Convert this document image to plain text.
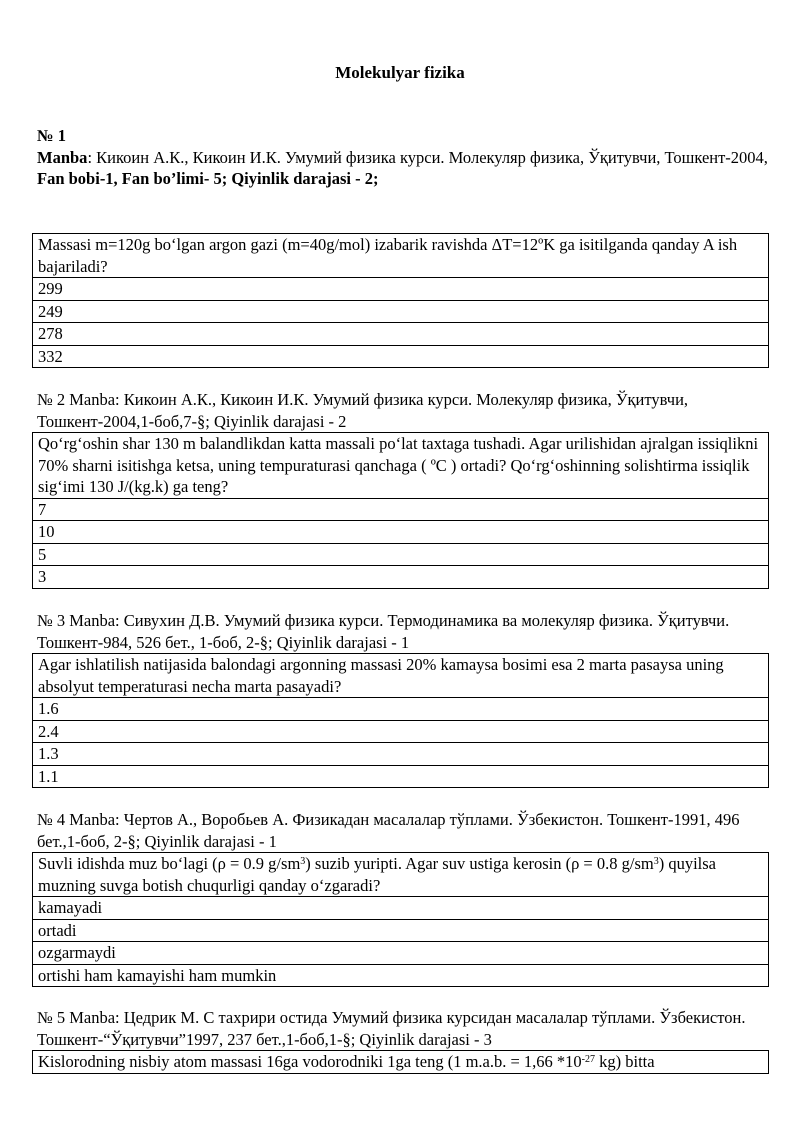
Molekulyar fizika
№ 1
Manba: Кикоин А.К., Кикоин И.К. Умумий физика курси. Молекуляр физика, Ўқитувчи, Тошкент-2004,
Fan bobi-1, Fan bo’limi- 5; Qiyinlik darajasi - 2;
Massasi m=120g bo‘lgan argon gazi (m=40g/mol) izabarik ravishda ΔT=12ºK ga isitilganda qanday A ish bajariladi?
299
249
278
332
№ 2 Manba: Кикоин А.К., Кикоин И.К. Умумий физика курси. Молекуляр физика, Ўқитувчи, Тошкент-2004,1-боб,7-§; Qiyinlik darajasi - 2
Qo‘rg‘oshin shar 130 m balandlikdan katta massali po‘lat taxtaga tushadi. Agar urilishidan ajralgan issiqlikni 70% sharni isitishga ketsa, uning tempuraturasi qanchaga ( ºC ) ortadi? Qo‘rg‘oshinning solishtirma issiqlik sig‘imi 130 J/(kg.k) ga teng?
7
10
5
3
№ 3 Manba: Сивухин Д.В. Умумий физика курси. Термодинамика ва молекуляр физика. Ўқитувчи. Тошкент-984, 526 бет., 1-боб, 2-§; Qiyinlik darajasi - 1
Agar ishlatilish natijasida balondagi argonning massasi 20% kamaysa bosimi esa 2 marta pasaysa uning absolyut temperaturasi necha marta pasayadi?
1.6
2.4
1.3
1.1
№ 4 Manba: Чертов А., Воробьев А. Физикадан масалалар тўплами. Ўзбекистон. Тошкент-1991, 496 бет.,1-боб, 2-§; Qiyinlik darajasi - 1
Suvli idishda muz bo‘lagi (ρ = 0.9 $g/sm^3$) suzib yuripti. Agar suv ustiga kerosin (ρ = 0.8 $g/sm^3$) quyilsa muzning suvga botish chuqurligi qanday o‘zgaradi?
kamayadi
ortadi
ozgarmaydi
ortishi ham kamayishi ham mumkin
№ 5 Manba: Цедрик М. С тахрири остида Умумий физика курсидан масалалар тўплами. Ўзбекистон. Тошкент-“Ўқитувчи”1997, 237 бет.,1-боб,1-§; Qiyinlik darajasi - 3
Kislorodning nisbiy atom massasi 16ga vodorodniki 1ga teng (1 m.a.b. = 1,66 $*10^{-27}$ kg) bitta
